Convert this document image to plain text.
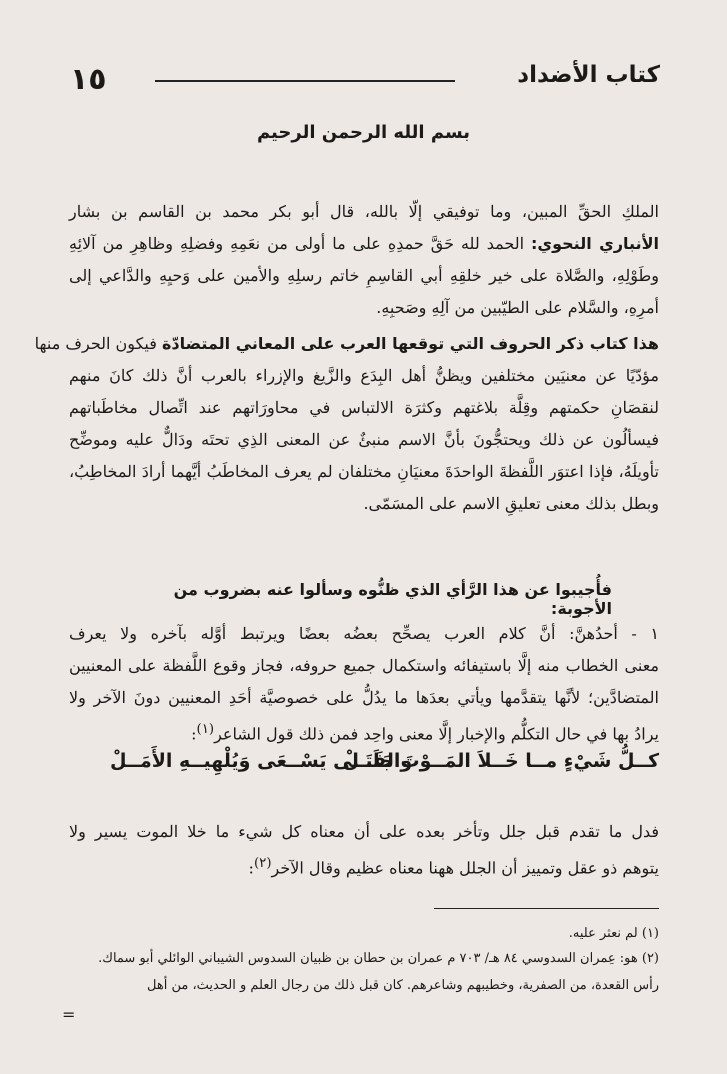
١٥	كتاب الأضداد
بسم الله الرحمن الرحيم
الملكِ الحقِّ المبين، وما توفيقي إلّا بالله، قال أبو بكر محمد بن القاسم بن بشار
الأنباري النحوي: الحمد لله حَقَّ حمدِهِ على ما أولى من نعَمِهِ وفضلِهِ وظاهِرِ من آلائِهِ
وطَوْلِهِ، والصَّلاة على خير خلقِهِ أبي القاسِمِ خاتم رسلِهِ والأمين على وَحيِهِ والدَّاعي إلى
أمرِهِ، والسَّلام على الطيّبين من آلِهِ وصَحبِهِ.
هذا كتاب ذكر الحروف التي توقعها العرب على المعاني المتضادّة فيكون الحرف منها
مؤدّيًا عن معنيَين مختلفين ويظنُّ أهل البِدَع والزَّيغ والإزراء بالعرب أنَّ ذلك كانَ منهم
لنقصَانِ حكمتهم وقِلَّة بلاغتهم وكثرَة الالتباس في محاورَاتهم عند اتِّصال مخاطَباتهم
فيسألُون عن ذلك ويحتجُّونَ بأنَّ الاسم منبئٌ عن المعنى الذِي تحتَه ودَالٌّ عليه وموضِّح
تأويلَهُ، فإذا اعتوَر اللَّفظةَ الواحدَةَ معنيَانِ مختلفان لم يعرف المخاطَبُ أيَّهما أرادَ المخاطِبُ،
وبطل بذلك معنى تعليقِ الاسم على المسَمّى.
فأُجيبوا عن هذا الرَّأي الذي ظنُّوه وسألوا عنه بضروب من الأجوبة:
١ - أحدُهنَّ: أنَّ كلام العرب يصحِّح بعضُه بعضًا ويرتبط أوَّله بآخره ولا يعرف
معنى الخطاب منه إلَّا باستيفائه واستكمال جميع حروفه، فجاز وقوع اللَّفظة على المعنيين
المتضادَّين؛ لأنَّها يتقدَّمها ويأتي بعدَها ما يدُلُّ على خصوصيَّة أحَدِ المعنيين دونَ الآخر ولا
يرادُ بها في حال التكلُّم والإخبار إلَّا معنى واحِد فمن ذلك قول الشاعر$^{(١)}$:
كــلُّ شَيْءٍ مــا خَــلاَ المَــوْتَ جَلَــلْ
والفَتَــى يَسْــعَى وَيُلْهِيــهِ الأَمَــلْ
فدل ما تقدم قبل جلل وتأخر بعده على أن معناه كل شيء ما خلا الموت يسير ولا
يتوهم ذو عقل وتمييز أن الجلل ههنا معناه عظيم وقال الآخر$^{(٢)}$:
(١) لم نعثر عليه.
(٢) هو: عِمران السدوسي ٨٤ هـ/ ٧٠٣ م عمران بن حطان بن ظبيان السدوس الشيباني الوائلي أبو سماك.
رأس القعدة، من الصفرية، وخطيبهم وشاعرهم. كان قبل ذلك من رجال العلم و الحديث، من أهل
=
